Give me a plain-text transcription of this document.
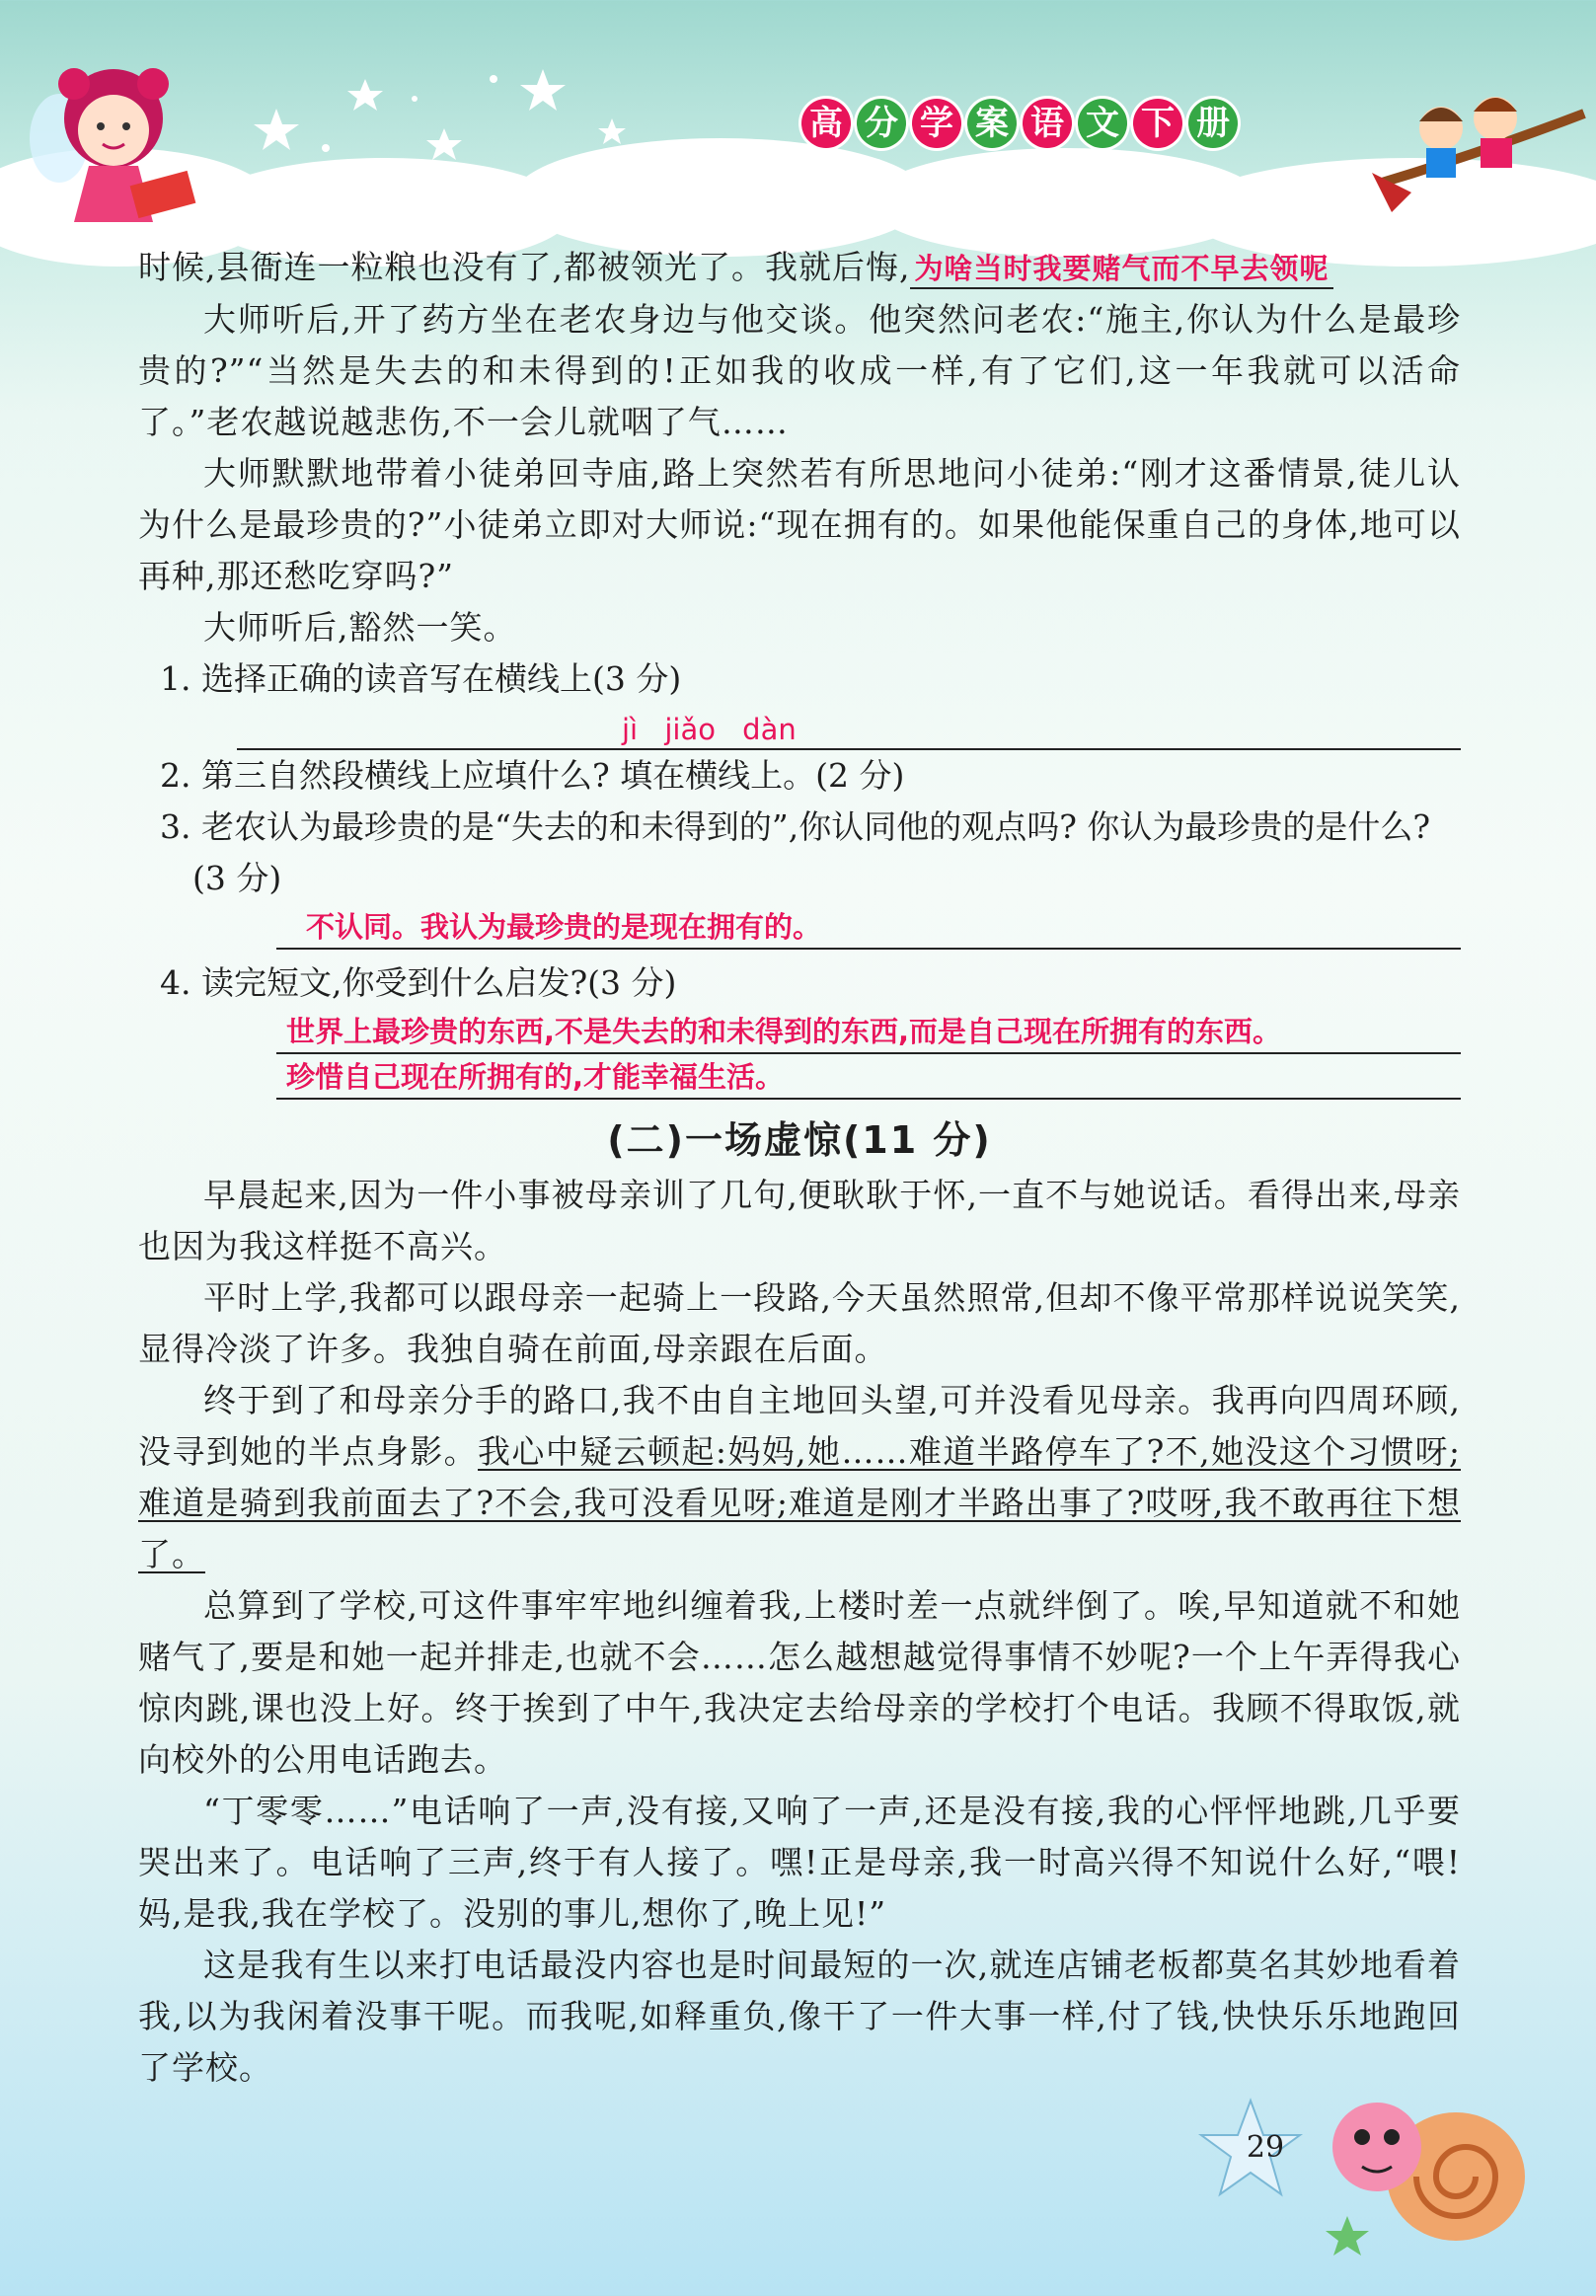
高 分 学 案 语 文 下 册

时候,县衙连一粒粮也没有了,都被领光了。我就后悔, 为啥当时我要赌气而不早去领呢

大师听后,开了药方坐在老农身边与他交谈。他突然问老农:“施主,你认为什么是最珍贵的?”“当然是失去的和未得到的!正如我的收成一样,有了它们,这一年我就可以活命了。”老农越说越悲伤,不一会儿就咽了气……

大师默默地带着小徒弟回寺庙,路上突然若有所思地问小徒弟:“刚才这番情景,徒儿认为什么是最珍贵的?”小徒弟立即对大师说:“现在拥有的。如果他能保重自己的身体,地可以再种,那还愁吃穿吗?”

大师听后,豁然一笑。

1. 选择正确的读音写在横线上(3 分)

jì jiǎo dàn

2. 第三自然段横线上应填什么? 填在横线上。(2 分)

3. 老农认为最珍贵的是“失去的和未得到的”,你认同他的观点吗? 你认为最珍贵的是什么?(3 分)

不认同。我认为最珍贵的是现在拥有的。

4. 读完短文,你受到什么启发?(3 分)

世界上最珍贵的东西,不是失去的和未得到的东西,而是自己现在所拥有的东西。
珍惜自己现在所拥有的,才能幸福生活。
(二)一场虚惊(11 分)

早晨起来,因为一件小事被母亲训了几句,便耿耿于怀,一直不与她说话。看得出来,母亲也因为我这样挺不高兴。

平时上学,我都可以跟母亲一起骑上一段路,今天虽然照常,但却不像平常那样说说笑笑,显得冷淡了许多。我独自骑在前面,母亲跟在后面。

终于到了和母亲分手的路口,我不由自主地回头望,可并没看见母亲。我再向四周环顾,没寻到她的半点身影。我心中疑云顿起:妈妈,她……难道半路停车了?不,她没这个习惯呀;难道是骑到我前面去了?不会,我可没看见呀;难道是刚才半路出事了?哎呀,我不敢再往下想了。

总算到了学校,可这件事牢牢地纠缠着我,上楼时差一点就绊倒了。唉,早知道就不和她赌气了,要是和她一起并排走,也就不会……怎么越想越觉得事情不妙呢?一个上午弄得我心惊肉跳,课也没上好。终于挨到了中午,我决定去给母亲的学校打个电话。我顾不得取饭,就向校外的公用电话跑去。

“丁零零……”电话响了一声,没有接,又响了一声,还是没有接,我的心怦怦地跳,几乎要哭出来了。电话响了三声,终于有人接了。嘿!正是母亲,我一时高兴得不知说什么好,“喂!妈,是我,我在学校了。没别的事儿,想你了,晚上见!”

这是我有生以来打电话最没内容也是时间最短的一次,就连店铺老板都莫名其妙地看着我,以为我闲着没事干呢。而我呢,如释重负,像干了一件大事一样,付了钱,快快乐乐地跑回了学校。

29
